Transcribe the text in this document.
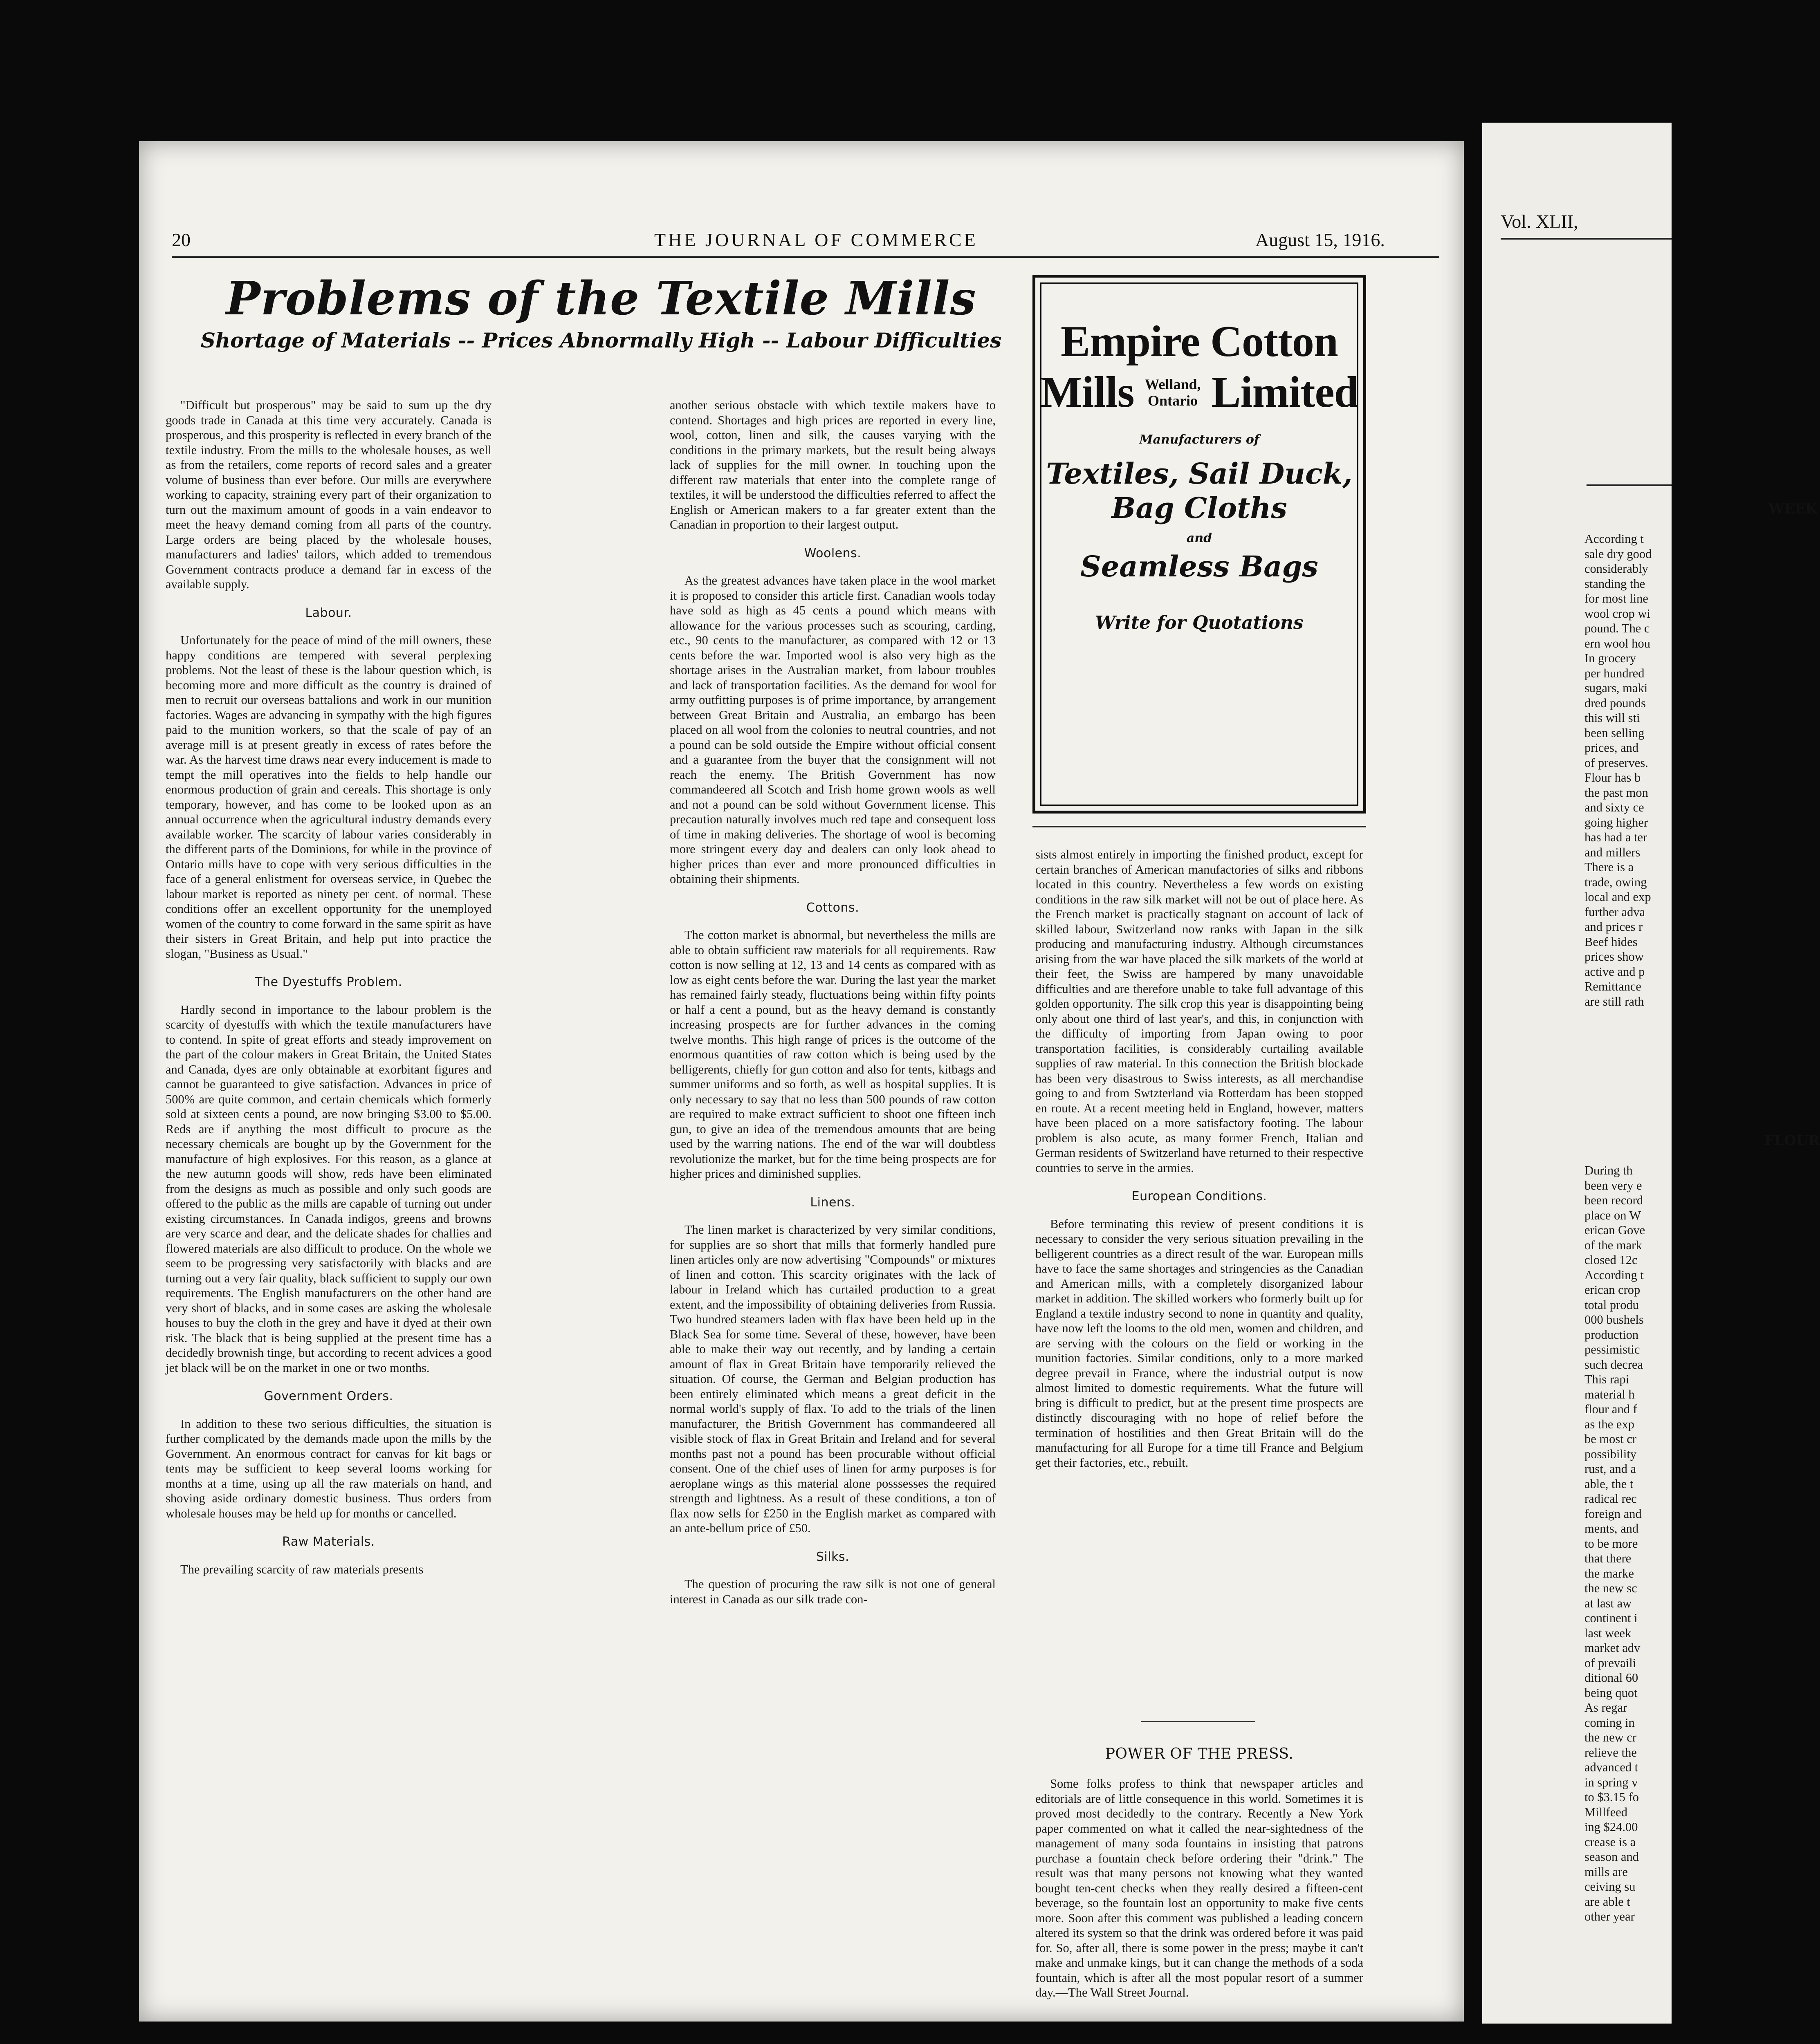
20	THE JOURNAL OF COMMERCE	August 15, 1916.
Problems of the Textile Mills
Shortage of Materials -- Prices Abnormally High -- Labour Difficulties

"Difficult but prosperous" may be said to sum up the dry goods trade in Canada at this time very accurately. Canada is prosperous, and this prosperity is reflected in every branch of the textile industry. From the mills to the wholesale houses, as well as from the retailers, come reports of record sales and a greater volume of business than ever before. Our mills are everywhere working to capacity, straining every part of their organization to turn out the maximum amount of goods in a vain endeavor to meet the heavy demand coming from all parts of the country. Large orders are being placed by the wholesale houses, manufacturers and ladies' tailors, which added to tremendous Government contracts produce a demand far in excess of the available supply.

Labour.

Unfortunately for the peace of mind of the mill owners, these happy conditions are tempered with several perplexing problems. Not the least of these is the labour question which, is becoming more and more difficult as the country is drained of men to recruit our overseas battalions and work in our munition factories. Wages are advancing in sympathy with the high figures paid to the munition workers, so that the scale of pay of an average mill is at present greatly in excess of rates before the war. As the harvest time draws near every inducement is made to tempt the mill operatives into the fields to help handle our enormous production of grain and cereals. This shortage is only temporary, however, and has come to be looked upon as an annual occurrence when the agricultural industry demands every available worker. The scarcity of labour varies considerably in the different parts of the Dominions, for while in the province of Ontario mills have to cope with very serious difficulties in the face of a general enlistment for overseas service, in Quebec the labour market is reported as ninety per cent. of normal. These conditions offer an excellent opportunity for the unemployed women of the country to come forward in the same spirit as have their sisters in Great Britain, and help put into practice the slogan, "Business as Usual."

The Dyestuffs Problem.

Hardly second in importance to the labour problem is the scarcity of dyestuffs with which the textile manufacturers have to contend. In spite of great efforts and steady improvement on the part of the colour makers in Great Britain, the United States and Canada, dyes are only obtainable at exorbitant figures and cannot be guaranteed to give satisfaction. Advances in price of 500% are quite common, and certain chemicals which formerly sold at sixteen cents a pound, are now bringing $3.00 to $5.00. Reds are if anything the most difficult to procure as the necessary chemicals are bought up by the Government for the manufacture of high explosives. For this reason, as a glance at the new autumn goods will show, reds have been eliminated from the designs as much as possible and only such goods are offered to the public as the mills are capable of turning out under existing circumstances. In Canada indigos, greens and browns are very scarce and dear, and the delicate shades for challies and flowered materials are also difficult to produce. On the whole we seem to be progressing very satisfactorily with blacks and are turning out a very fair quality, black sufficient to supply our own requirements. The English manufacturers on the other hand are very short of blacks, and in some cases are asking the wholesale houses to buy the cloth in the grey and have it dyed at their own risk. The black that is being supplied at the present time has a decidedly brownish tinge, but according to recent advices a good jet black will be on the market in one or two months.

Government Orders.

In addition to these two serious difficulties, the situation is further complicated by the demands made upon the mills by the Government. An enormous contract for canvas for kit bags or tents may be sufficient to keep several looms working for months at a time, using up all the raw materials on hand, and shoving aside ordinary domestic business. Thus orders from wholesale houses may be held up for months or cancelled.

Raw Materials.

The prevailing scarcity of raw materials presents

another serious obstacle with which textile makers have to contend. Shortages and high prices are reported in every line, wool, cotton, linen and silk, the causes varying with the conditions in the primary markets, but the result being always lack of supplies for the mill owner. In touching upon the different raw materials that enter into the complete range of textiles, it will be understood the difficulties referred to affect the English or American makers to a far greater extent than the Canadian in proportion to their largest output.

Woolens.

As the greatest advances have taken place in the wool market it is proposed to consider this article first. Canadian wools today have sold as high as 45 cents a pound which means with allowance for the various processes such as scouring, carding, etc., 90 cents to the manufacturer, as compared with 12 or 13 cents before the war. Imported wool is also very high as the shortage arises in the Australian market, from labour troubles and lack of transportation facilities. As the demand for wool for army outfitting purposes is of prime importance, by arrangement between Great Britain and Australia, an embargo has been placed on all wool from the colonies to neutral countries, and not a pound can be sold outside the Empire without official consent and a guarantee from the buyer that the consignment will not reach the enemy. The British Government has now commandeered all Scotch and Irish home grown wools as well and not a pound can be sold without Government license. This precaution naturally involves much red tape and consequent loss of time in making deliveries. The shortage of wool is becoming more stringent every day and dealers can only look ahead to higher prices than ever and more pronounced difficulties in obtaining their shipments.

Cottons.

The cotton market is abnormal, but nevertheless the mills are able to obtain sufficient raw materials for all requirements. Raw cotton is now selling at 12, 13 and 14 cents as compared with as low as eight cents before the war. During the last year the market has remained fairly steady, fluctuations being within fifty points or half a cent a pound, but as the heavy demand is constantly increasing prospects are for further advances in the coming twelve months. This high range of prices is the outcome of the enormous quantities of raw cotton which is being used by the belligerents, chiefly for gun cotton and also for tents, kitbags and summer uniforms and so forth, as well as hospital supplies. It is only necessary to say that no less than 500 pounds of raw cotton are required to make extract sufficient to shoot one fifteen inch gun, to give an idea of the tremendous amounts that are being used by the warring nations. The end of the war will doubtless revolutionize the market, but for the time being prospects are for higher prices and diminished supplies.

Linens.

The linen market is characterized by very similar conditions, for supplies are so short that mills that formerly handled pure linen articles only are now advertising "Compounds" or mixtures of linen and cotton. This scarcity originates with the lack of labour in Ireland which has curtailed production to a great extent, and the impossibility of obtaining deliveries from Russia. Two hundred steamers laden with flax have been held up in the Black Sea for some time. Several of these, however, have been able to make their way out recently, and by landing a certain amount of flax in Great Britain have temporarily relieved the situation. Of course, the German and Belgian production has been entirely eliminated which means a great deficit in the normal world's supply of flax. To add to the trials of the linen manufacturer, the British Government has commandeered all visible stock of flax in Great Britain and Ireland and for several months past not a pound has been procurable without official consent. One of the chief uses of linen for army purposes is for aeroplane wings as this material alone posssesses the required strength and lightness. As a result of these conditions, a ton of flax now sells for £250 in the English market as compared with an ante-bellum price of £50.

Silks.

The question of procuring the raw silk is not one of general interest in Canada as our silk trade con-

Empire Cotton
Mills Welland,
Ontario Limited
Manufacturers of
Textiles, Sail Duck,
Bag Cloths
and
Seamless Bags
Write for Quotations

sists almost entirely in importing the finished product, except for certain branches of American manufactories of silks and ribbons located in this country. Nevertheless a few words on existing conditions in the raw silk market will not be out of place here. As the French market is practically stagnant on account of lack of skilled labour, Switzerland now ranks with Japan in the silk producing and manufacturing industry. Although circumstances arising from the war have placed the silk markets of the world at their feet, the Swiss are hampered by many unavoidable difficulties and are therefore unable to take full advantage of this golden opportunity. The silk crop this year is disappointing being only about one third of last year's, and this, in conjunction with the difficulty of importing from Japan owing to poor transportation facilities, is considerably curtailing available supplies of raw material. In this connection the British blockade has been very disastrous to Swiss interests, as all merchandise going to and from Swtzterland via Rotterdam has been stopped en route. At a recent meeting held in England, however, matters have been placed on a more satisfactory footing. The labour problem is also acute, as many former French, Italian and German residents of Switzerland have returned to their respective countries to serve in the armies.

European Conditions.

Before terminating this review of present conditions it is necessary to consider the very serious situation prevailing in the belligerent countries as a direct result of the war. European mills have to face the same shortages and stringencies as the Canadian and American mills, with a completely disorganized labour market in addition. The skilled workers who formerly built up for England a textile industry second to none in quantity and quality, have now left the looms to the old men, women and children, and are serving with the colours on the field or working in the munition factories. Similar conditions, only to a more marked degree prevail in France, where the industrial output is now almost limited to domestic requirements. What the future will bring is difficult to predict, but at the present time prospects are distinctly discouraging with no hope of relief before the termination of hostilities and then Great Britain will do the manufacturing for all Europe for a time till France and Belgium get their factories, etc., rebuilt.

POWER OF THE PRESS.

Some folks profess to think that newspaper articles and editorials are of little consequence in this world. Sometimes it is proved most decidedly to the contrary. Recently a New York paper commented on what it called the near-sightedness of the management of many soda fountains in insisting that patrons purchase a fountain check before ordering their "drink." The result was that many persons not knowing what they wanted bought ten-cent checks when they really desired a fifteen-cent beverage, so the fountain lost an opportunity to make five cents more. Soon after this comment was published a leading concern altered its system so that the drink was ordered before it was paid for. So, after all, there is some power in the press; maybe it can't make and unmake kings, but it can change the methods of a soda fountain, which is after all the most popular resort of a summer day.—The Wall Street Journal.

Vol. XLII,
WEEK
According t
sale dry good
considerably
standing the
for most line
wool crop wi
pound. The c
ern wool hou
In grocery
per hundred
sugars, maki
dred pounds
this will sti
been selling
prices, and
of preserves.
Flour has b
the past mon
and sixty ce
going higher
has had a ter
and millers
There is a
trade, owing
local and exp
further adva
and prices r
Beef hides
prices show
active and p
Remittance
are still rath
FLOUR
During th
been very e
been record
place on W
erican Gove
of the mark
closed 12c
According t
erican crop
total produ
000 bushels
production
pessimistic
such decrea
This rapi
material h
flour and f
as the exp
be most cr
possibility
rust, and a
able, the t
radical rec
foreign and
ments, and
to be more
that there
the marke
the new sc
at last aw
continent i
last week
market adv
of prevaili
ditional 60
being quot
As regar
coming in
the new cr
relieve the
advanced t
in spring v
to $3.15 fo
Millfeed
ing $24.00
crease is a
season and
mills are
ceiving su
are able t
other year
